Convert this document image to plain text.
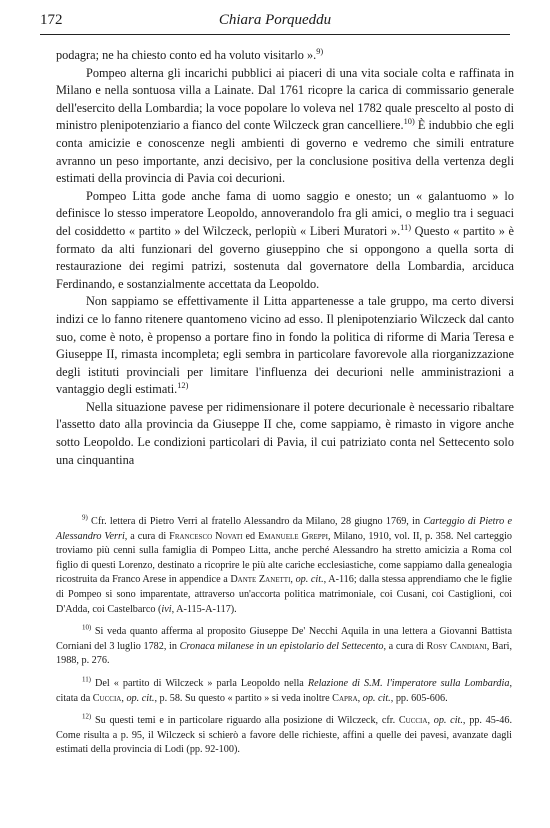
172	Chiara Porqueddu

podagra; ne ha chiesto conto ed ha voluto visitarlo ».$^{9)}$

Pompeo alterna gli incarichi pubblici ai piaceri di una vita sociale colta e raffinata in Milano e nella sontuosa villa a Lainate. Dal 1761 ricopre la carica di commissario generale dell'esercito della Lombardia; la voce popolare lo voleva nel 1782 quale prescelto al posto di ministro plenipotenziario a fianco del conte Wilczeck gran cancelliere.$^{10)}$ È indubbio che egli conta amicizie e conoscenze negli ambienti di governo e vedremo che simili entrature avranno un peso importante, anzi decisivo, per la conclusione positiva della vertenza degli estimati della provincia di Pavia coi decurioni.

Pompeo Litta gode anche fama di uomo saggio e onesto; un « galantuomo » lo definisce lo stesso imperatore Leopoldo, annoverandolo fra gli amici, o meglio tra i seguaci del cosiddetto « partito » del Wilczeck, perlopiù « Liberi Muratori ».$^{11)}$ Questo « partito » è formato da alti funzionari del governo giuseppino che si oppongono a quella sorta di restaurazione dei regimi patrizi, sostenuta dal governatore della Lombardia, arciduca Ferdinando, e sostanzialmente accettata da Leopoldo.

Non sappiamo se effettivamente il Litta appartenesse a tale gruppo, ma certo diversi indizi ce lo fanno ritenere quantomeno vicino ad esso. Il plenipotenziario Wilczeck dal canto suo, come è noto, è propenso a portare fino in fondo la politica di riforme di Maria Teresa e Giuseppe II, rimasta incompleta; egli sembra in particolare favorevole alla riorganizzazione degli istituti provinciali per limitare l'influenza dei decurioni nelle amministrazioni a vantaggio degli estimati.$^{12)}$

Nella situazione pavese per ridimensionare il potere decurionale è necessario ribaltare l'assetto dato alla provincia da Giuseppe II che, come sappiamo, è rimasto in vigore anche sotto Leopoldo. Le condizioni particolari di Pavia, il cui patriziato conta nel Settecento solo una cinquantina

$^{9)}$ Cfr. lettera di Pietro Verri al fratello Alessandro da Milano, 28 giugno 1769, in Carteggio di Pietro e Alessandro Verri, a cura di Francesco Novati ed Emanuele Greppi, Milano, 1910, vol. II, p. 358. Nel carteggio troviamo più cenni sulla famiglia di Pompeo Litta, anche perché Alessandro ha stretto amicizia a Roma col figlio di questi Lorenzo, destinato a ricoprire le più alte cariche ecclesiastiche, come sappiamo dalla genealogia ricostruita da Franco Arese in appendice a Dante Zanetti, op. cit., A-116; dalla stessa apprendiamo che le figlie di Pompeo si sono imparentate, attraverso un'accorta politica matrimoniale, coi Cusani, coi Castiglioni, coi D'Adda, coi Castelbarco (ivi, A-115-A-117).

$^{10)}$ Si veda quanto afferma al proposito Giuseppe De' Necchi Aquila in una lettera a Giovanni Battista Corniani del 3 luglio 1782, in Cronaca milanese in un epistolario del Settecento, a cura di Rosy Candiani, Bari, 1988, p. 276.

$^{11)}$ Del « partito di Wilczeck » parla Leopoldo nella Relazione di S.M. l'imperatore sulla Lombardia, citata da Cuccia, op. cit., p. 58. Su questo « partito » si veda inoltre Capra, op. cit., pp. 605-606.

$^{12)}$ Su questi temi e in particolare riguardo alla posizione di Wilczeck, cfr. Cuccia, op. cit., pp. 45-46. Come risulta a p. 95, il Wilczeck si schierò a favore delle richieste, affini a quelle dei pavesi, avanzate dagli estimati della provincia di Lodi (pp. 92-100).
